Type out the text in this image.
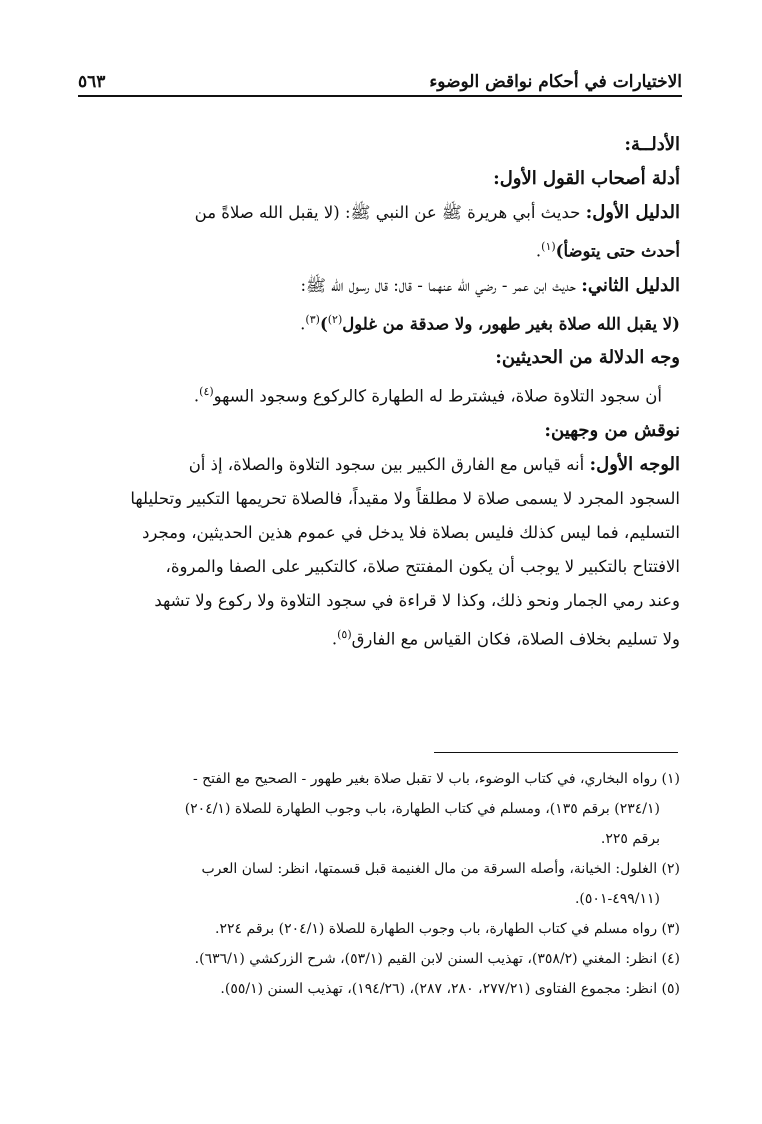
٥٦٣	الاختيارات في أحكام نواقض الوضوء
الأدلــة:
أدلة أصحاب القول الأول:
الدليل الأول: حديث أبي هريرة ﷺ عن النبي ﷺ: (لا يقبل الله صلاةً من
أحدث حتى يتوضأ)$^{(١)}$.
الدليل الثاني: حديث ابن عمر - رضي الله عنهما - قال: قال رسول الله ﷺ:
(لا يقبل الله صلاة بغير طهور، ولا صدقة من غلول$^{(٢)}$)$^{(٣)}$.
وجه الدلالة من الحديثين:
أن سجود التلاوة صلاة، فيشترط له الطهارة كالركوع وسجود السهو$^{(٤)}$.
نوقش من وجهين:
الوجه الأول: أنه قياس مع الفارق الكبير بين سجود التلاوة والصلاة، إذ أن
السجود المجرد لا يسمى صلاة لا مطلقاً ولا مقيداً، فالصلاة تحريمها التكبير وتحليلها
التسليم، فما ليس كذلك فليس بصلاة فلا يدخل في عموم هذين الحديثين، ومجرد
الافتتاح بالتكبير لا يوجب أن يكون المفتتح صلاة، كالتكبير على الصفا والمروة،
وعند رمي الجمار ونحو ذلك، وكذا لا قراءة في سجود التلاوة ولا ركوع ولا تشهد
ولا تسليم بخلاف الصلاة، فكان القياس مع الفارق$^{(٥)}$.
(١) رواه البخاري، في كتاب الوضوء، باب لا تقبل صلاة بغير طهور - الصحيح مع الفتح -
(٢٣٤/١) برقم ١٣٥)، ومسلم في كتاب الطهارة، باب وجوب الطهارة للصلاة (٢٠٤/١)
برقم ٢٢٥.
(٢) الغلول: الخيانة، وأصله السرقة من مال الغنيمة قبل قسمتها، انظر: لسان العرب
(٤٩٩/١١-٥٠١).
(٣) رواه مسلم في كتاب الطهارة، باب وجوب الطهارة للصلاة (٢٠٤/١) برقم ٢٢٤.
(٤) انظر: المغني (٣٥٨/٢)، تهذيب السنن لابن القيم (٥٣/١)، شرح الزركشي (٦٣٦/١).
(٥) انظر: مجموع الفتاوى (٢٧٧/٢١، ٢٨٠، ٢٨٧)، (١٩٤/٢٦)، تهذيب السنن (٥٥/١).
